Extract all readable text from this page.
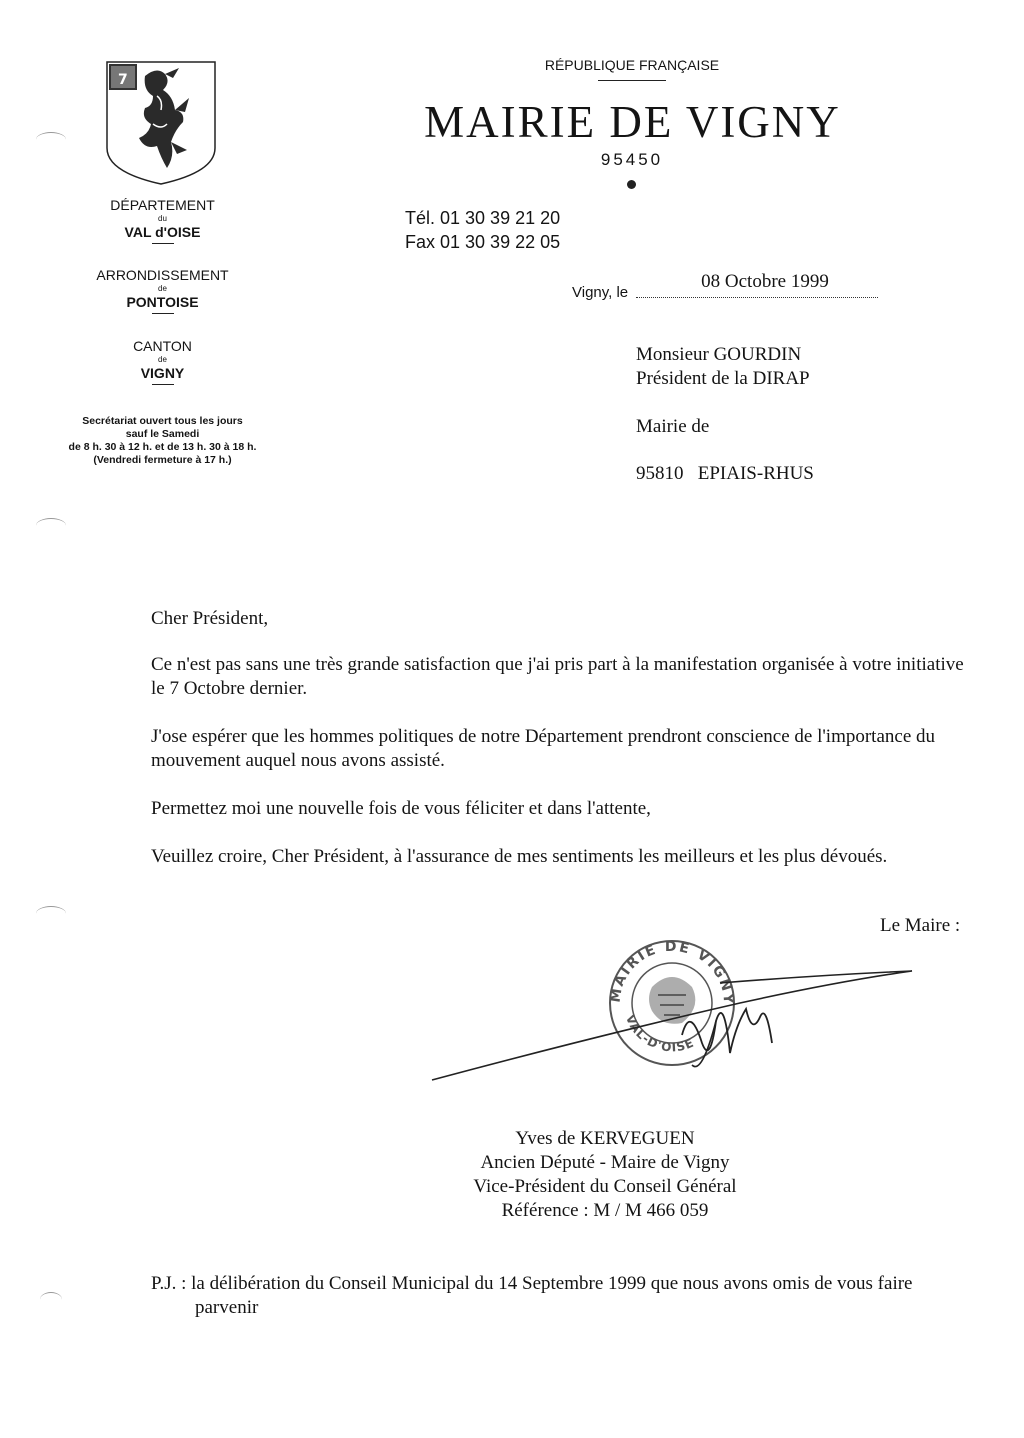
7
DÉPARTEMENT
du
VAL d'OISE
ARRONDISSEMENT
de
PONTOISE
CANTON
de
VIGNY
Secrétariat ouvert tous les jours
sauf le Samedi
de 8 h. 30 à 12 h. et de 13 h. 30 à 18 h.
(Vendredi fermeture à 17 h.)
RÉPUBLIQUE FRANÇAISE
MAIRIE DE VIGNY
95450
Tél. 01 30 39 21 20
Fax 01 30 39 22 05
Vigny, le
08 Octobre 1999
Monsieur GOURDIN
Président de la DIRAP
Mairie de
95810   EPIAIS-RHUS
Cher Président,
Ce n'est pas sans une très grande satisfaction que j'ai pris part à la manifestation organisée à votre initiative le 7 Octobre dernier.
J'ose espérer que les hommes politiques de notre Département prendront conscience de l'importance du mouvement auquel nous avons assisté.
Permettez moi une nouvelle fois de vous féliciter et dans l'attente,
Veuillez croire, Cher Président, à l'assurance de mes sentiments les meilleurs et les plus dévoués.
Le Maire :
MAIRIE DE VIGNY
VAL-D'OISE
Yves de KERVEGUEN
Ancien Député - Maire de Vigny
Vice-Président du Conseil Général
Référence : M / M 466 059
P.J. : la délibération du Conseil Municipal du 14 Septembre 1999 que nous avons omis de vous faire
parvenir
